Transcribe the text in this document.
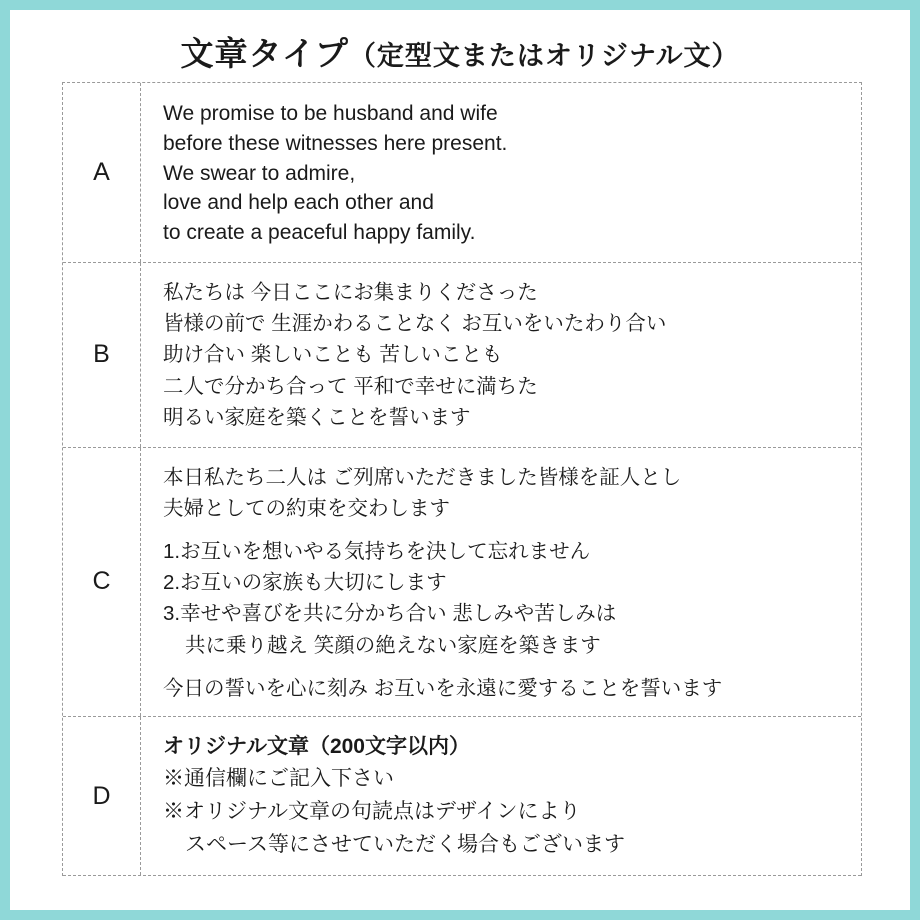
文章タイプ（定型文またはオリジナル文）
A
We promise to be husband and wife
before these witnesses here present.
We swear to admire,
love and help each other and
to create a peaceful happy family.
B
私たちは 今日ここにお集まりくださった
皆様の前で 生涯かわることなく お互いをいたわり合い
助け合い 楽しいことも 苦しいことも
二人で分かち合って 平和で幸せに満ちた
明るい家庭を築くことを誓います
C
本日私たち二人は ご列席いただきました皆様を証人とし
夫婦としての約束を交わします
1.お互いを想いやる気持ちを決して忘れません
2.お互いの家族も大切にします
3.幸せや喜びを共に分かち合い 悲しみや苦しみは
共に乗り越え 笑顔の絶えない家庭を築きます
今日の誓いを心に刻み お互いを永遠に愛することを誓います
D
オリジナル文章（200文字以内）
※通信欄にご記入下さい
※オリジナル文章の句読点はデザインにより
スペース等にさせていただく場合もございます
